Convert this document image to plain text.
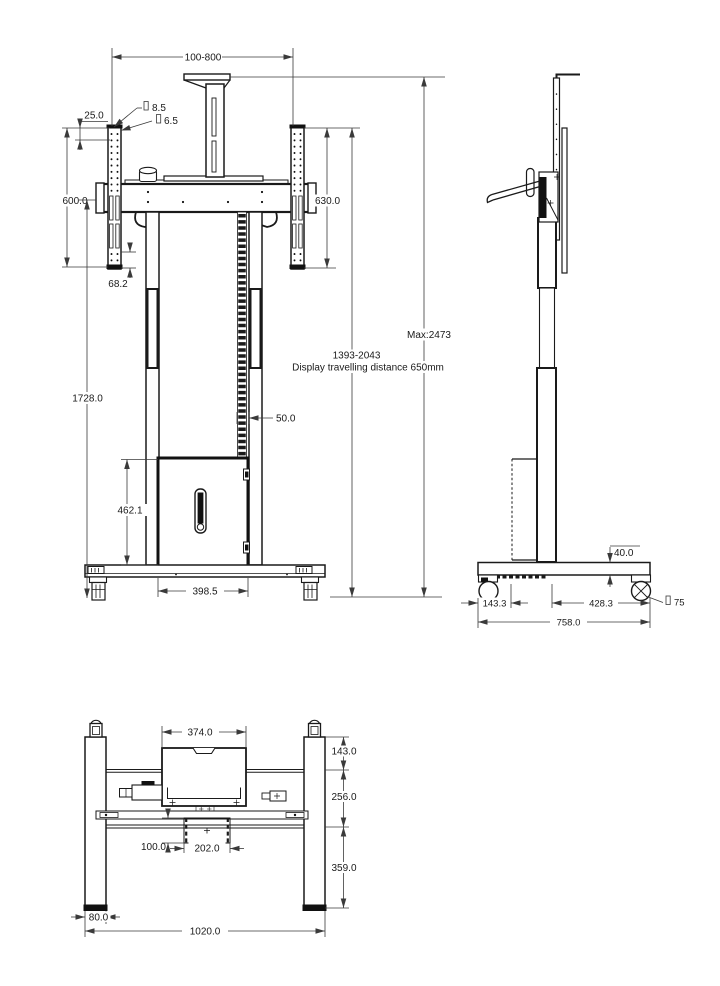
100-800
25.0
8.5
6.5
600.0
1728.0
68.2
630.0
Max:2473
1393-2043
Display travelling distance 650mm
50.0
462.1
398.5
40.0
75
143.3	428.3
758.0
374.0
143.0
256.0
359.0
100.0	202.0
80.0
1020.0
